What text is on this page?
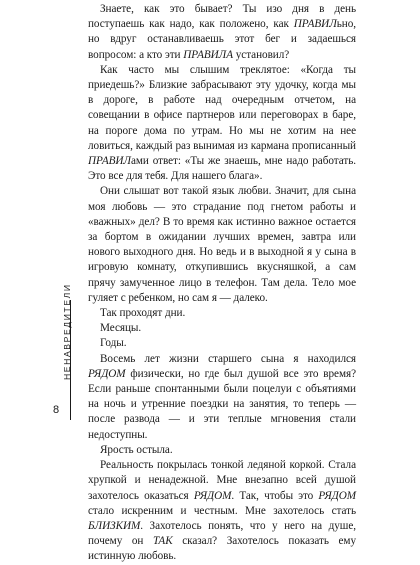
Знаете, как это бывает? Ты изо дня в день поступаешь как надо, как положено, как ПРАВИЛьно, но вдруг останавливаешь этот бег и задаешься вопросом: а кто эти ПРАВИЛА установил?

Как часто мы слышим треклятое: «Когда ты приедешь?» Близкие забрасывают эту удочку, когда мы в дороге, в работе над очередным отчетом, на совещании в офисе партнеров или переговорах в баре, на пороге дома по утрам. Но мы не хотим на нее ловиться, каждый раз вынимая из кармана прописанный ПРАВИЛами ответ: «Ты же знаешь, мне надо работать. Это все для тебя. Для нашего блага».

Они слышат вот такой язык любви. Значит, для сына моя любовь — это страдание под гнетом работы и «важных» дел? В то время как истинно важное остается за бортом в ожидании лучших времен, завтра или нового выходного дня. Но ведь и в выходной я у сына в игровую комнату, откупившись вкусняшкой, а сам прячу замученное лицо в телефон. Там дела. Тело мое гуляет с ребенком, но сам я — далеко.

Так проходят дни.

Месяцы.

Годы.

Восемь лет жизни старшего сына я находился РЯДОМ физически, но где был душой все это время? Если раньше спонтанными были поцелуи с объятиями на ночь и утренние поездки на занятия, то теперь — после развода — и эти теплые мгновения стали недоступны.

Ярость остыла.

Реальность покрылась тонкой ледяной коркой. Стала хрупкой и ненадежной. Мне внезапно всей душой захотелось оказаться РЯДОМ. Так, чтобы это РЯДОМ стало искренним и честным. Мне захотелось стать БЛИЗКИМ. Захотелось понять, что у него на душе, почему он ТАК сказал? Захотелось показать ему истинную любовь.

НЕНАВРЕДИТЕЛИ
8
